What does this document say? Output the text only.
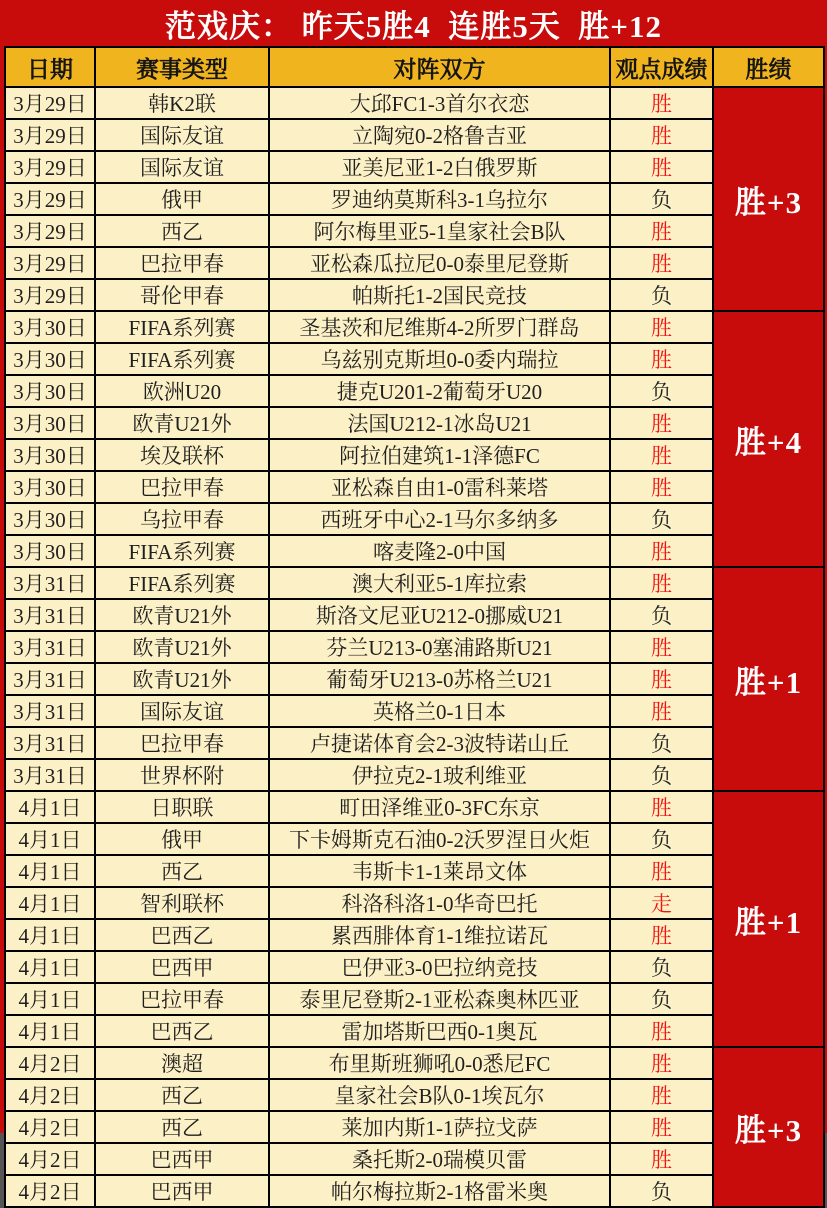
范戏庆： 昨天5胜4  连胜5天  胜+12
日期	赛事类型	对阵双方	观点成绩	胜绩
3月29日	韩K2联	大邱FC1-3首尔衣恋	胜	胜+3
3月29日	国际友谊	立陶宛0-2格鲁吉亚	胜	
3月29日	国际友谊	亚美尼亚1-2白俄罗斯	胜	
3月29日	俄甲	罗迪纳莫斯科3-1乌拉尔	负	
3月29日	西乙	阿尔梅里亚5-1皇家社会B队	胜	
3月29日	巴拉甲春	亚松森瓜拉尼0-0泰里尼登斯	胜	
3月29日	哥伦甲春	帕斯托1-2国民竞技	负	
3月30日	FIFA系列赛	圣基茨和尼维斯4-2所罗门群岛	胜	胜+4
3月30日	FIFA系列赛	乌兹别克斯坦0-0委内瑞拉	胜	
3月30日	欧洲U20	捷克U201-2葡萄牙U20	负	
3月30日	欧青U21外	法国U212-1冰岛U21	胜	
3月30日	埃及联杯	阿拉伯建筑1-1泽德FC	胜	
3月30日	巴拉甲春	亚松森自由1-0雷科莱塔	胜	
3月30日	乌拉甲春	西班牙中心2-1马尔多纳多	负	
3月30日	FIFA系列赛	喀麦隆2-0中国	胜	
3月31日	FIFA系列赛	澳大利亚5-1库拉索	胜	胜+1
3月31日	欧青U21外	斯洛文尼亚U212-0挪威U21	负	
3月31日	欧青U21外	芬兰U213-0塞浦路斯U21	胜	
3月31日	欧青U21外	葡萄牙U213-0苏格兰U21	胜	
3月31日	国际友谊	英格兰0-1日本	胜	
3月31日	巴拉甲春	卢捷诺体育会2-3波特诺山丘	负	
3月31日	世界杯附	伊拉克2-1玻利维亚	负	
4月1日	日职联	町田泽维亚0-3FC东京	胜	胜+1
4月1日	俄甲	下卡姆斯克石油0-2沃罗涅日火炬	负	
4月1日	西乙	韦斯卡1-1莱昂文体	胜	
4月1日	智利联杯	科洛科洛1-0华奇巴托	走	
4月1日	巴西乙	累西腓体育1-1维拉诺瓦	胜	
4月1日	巴西甲	巴伊亚3-0巴拉纳竞技	负	
4月1日	巴拉甲春	泰里尼登斯2-1亚松森奥林匹亚	负	
4月1日	巴西乙	雷加塔斯巴西0-1奥瓦	胜	
4月2日	澳超	布里斯班狮吼0-0悉尼FC	胜	胜+3
4月2日	西乙	皇家社会B队0-1埃瓦尔	胜	
4月2日	西乙	莱加内斯1-1萨拉戈萨	胜	
4月2日	巴西甲	桑托斯2-0瑞模贝雷	胜	
4月2日	巴西甲	帕尔梅拉斯2-1格雷米奥	负	
